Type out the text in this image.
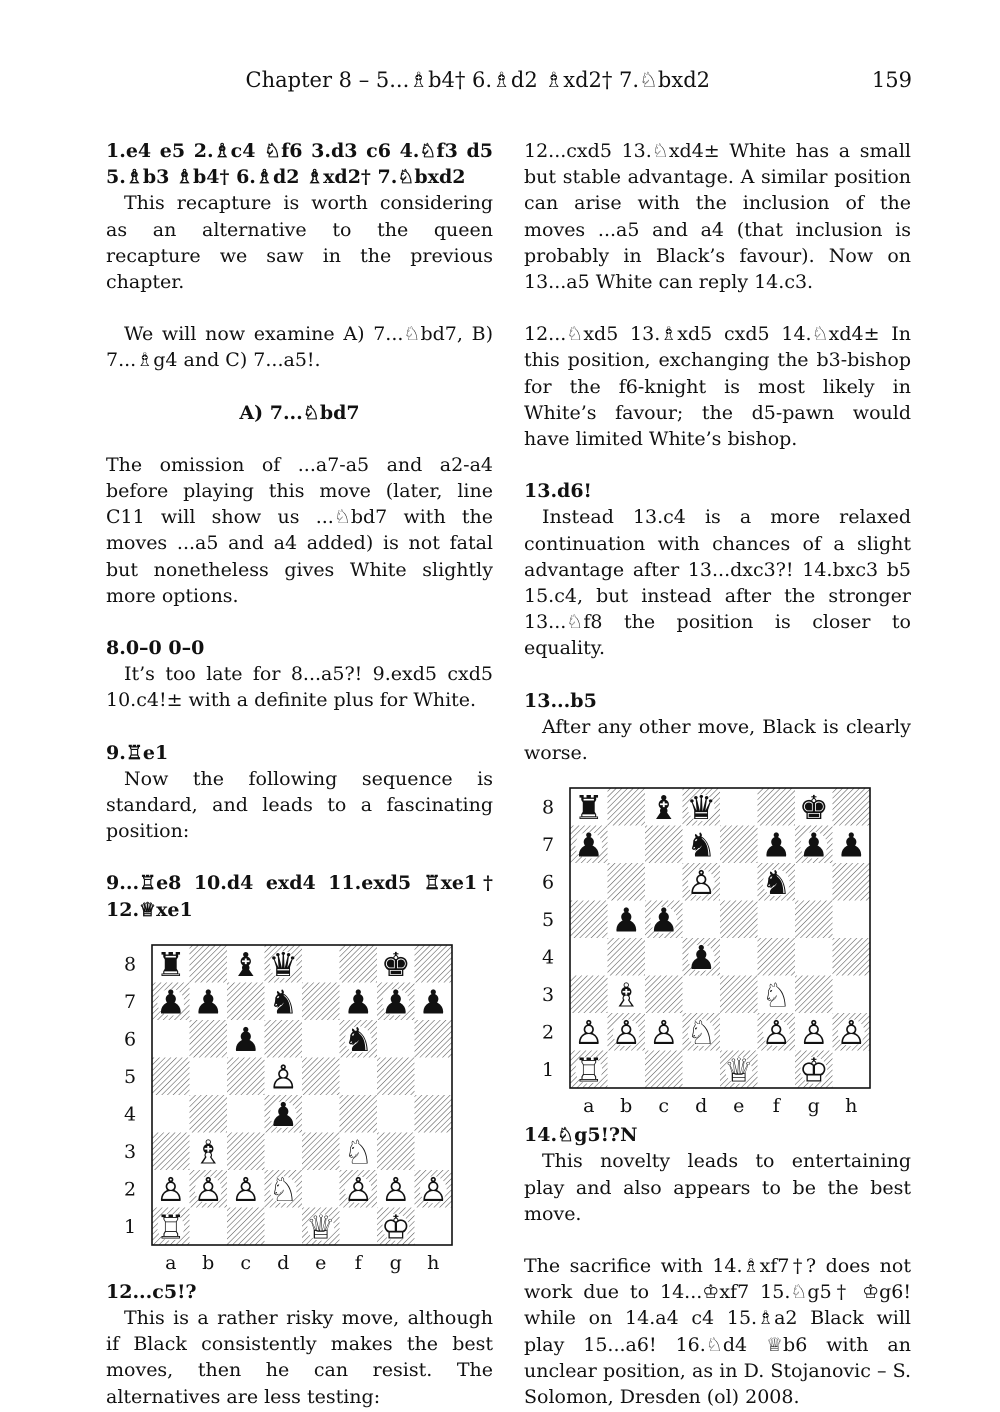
Chapter 8 – 5...♗b4† 6.♗d2 ♗xd2† 7.♘bxd2	159

1.e4 e5 2.♗c4 ♘f6 3.d3 c6 4.♘f3 d5 5.♗b3 ♗b4† 6.♗d2 ♗xd2† 7.♘bxd2

This recapture is worth considering as an alternative to the queen recapture we saw in the previous chapter.

We will now examine A) 7...♘bd7, B) 7...♗g4 and C) 7...a5!.

A) 7...♘bd7

The omission of ...a7-a5 and a2-a4 before playing this move (later, line C11 will show us ...♘bd7 with the moves ...a5 and a4 added) is not fatal but nonetheless gives White slightly more options.

8.0–0 0–0

It’s too late for 8...a5?! 9.exd5 cxd5 10.c4!± with a definite plus for White.

9.♖e1

Now the following sequence is standard, and leads to a fascinating position:

9...♖e8 10.d4 exd4 11.exd5 ♖xe1† 12.♕xe1

♜ ♝ ♛	♚
♟ ♟ ♞ ♟ ♟ ♟
♟	♞
♙
♟
♗	♘
♙ ♙ ♙ ♘ ♙ ♙ ♙
♖	♕ ♔
8
7
6
5
4
3
2
1
a b c d e f g h

12...c5!?

This is a rather risky move, although if Black consistently makes the best moves, then he can resist. The alternatives are less testing:

12...cxd5 13.♘xd4± White has a small but stable advantage. A similar position can arise with the inclusion of the moves ...a5 and a4 (that inclusion is probably in Black’s favour). Now on 13...a5 White can reply 14.c3.

12...♘xd5 13.♗xd5 cxd5 14.♘xd4± In this position, exchanging the b3-bishop for the f6-knight is most likely in White’s favour; the d5-pawn would have limited White’s bishop.

13.d6!

Instead 13.c4 is a more relaxed continuation with chances of a slight advantage after 13...dxc3?! 14.bxc3 b5 15.c4, but instead after the stronger 13...♘f8 the position is closer to equality.

13...b5

After any other move, Black is clearly worse.

♜ ♝ ♛	♚
♟	♞ ♟ ♟ ♟
♙ ♞
♟ ♟
♟
♗	♘
♙ ♙ ♙ ♘ ♙ ♙ ♙
♖	♕ ♔
8
7
6
5
4
3
2
1
a b c d e f g h

14.♘g5!?N

This novelty leads to entertaining play and also appears to be the best move.

The sacrifice with 14.♗xf7†? does not work due to 14...♔xf7 15.♘g5† ♔g6! while on 14.a4 c4 15.♗a2 Black will play 15...a6! 16.♘d4 ♕b6 with an unclear position, as in D. Stojanovic – S. Solomon, Dresden (ol) 2008.
